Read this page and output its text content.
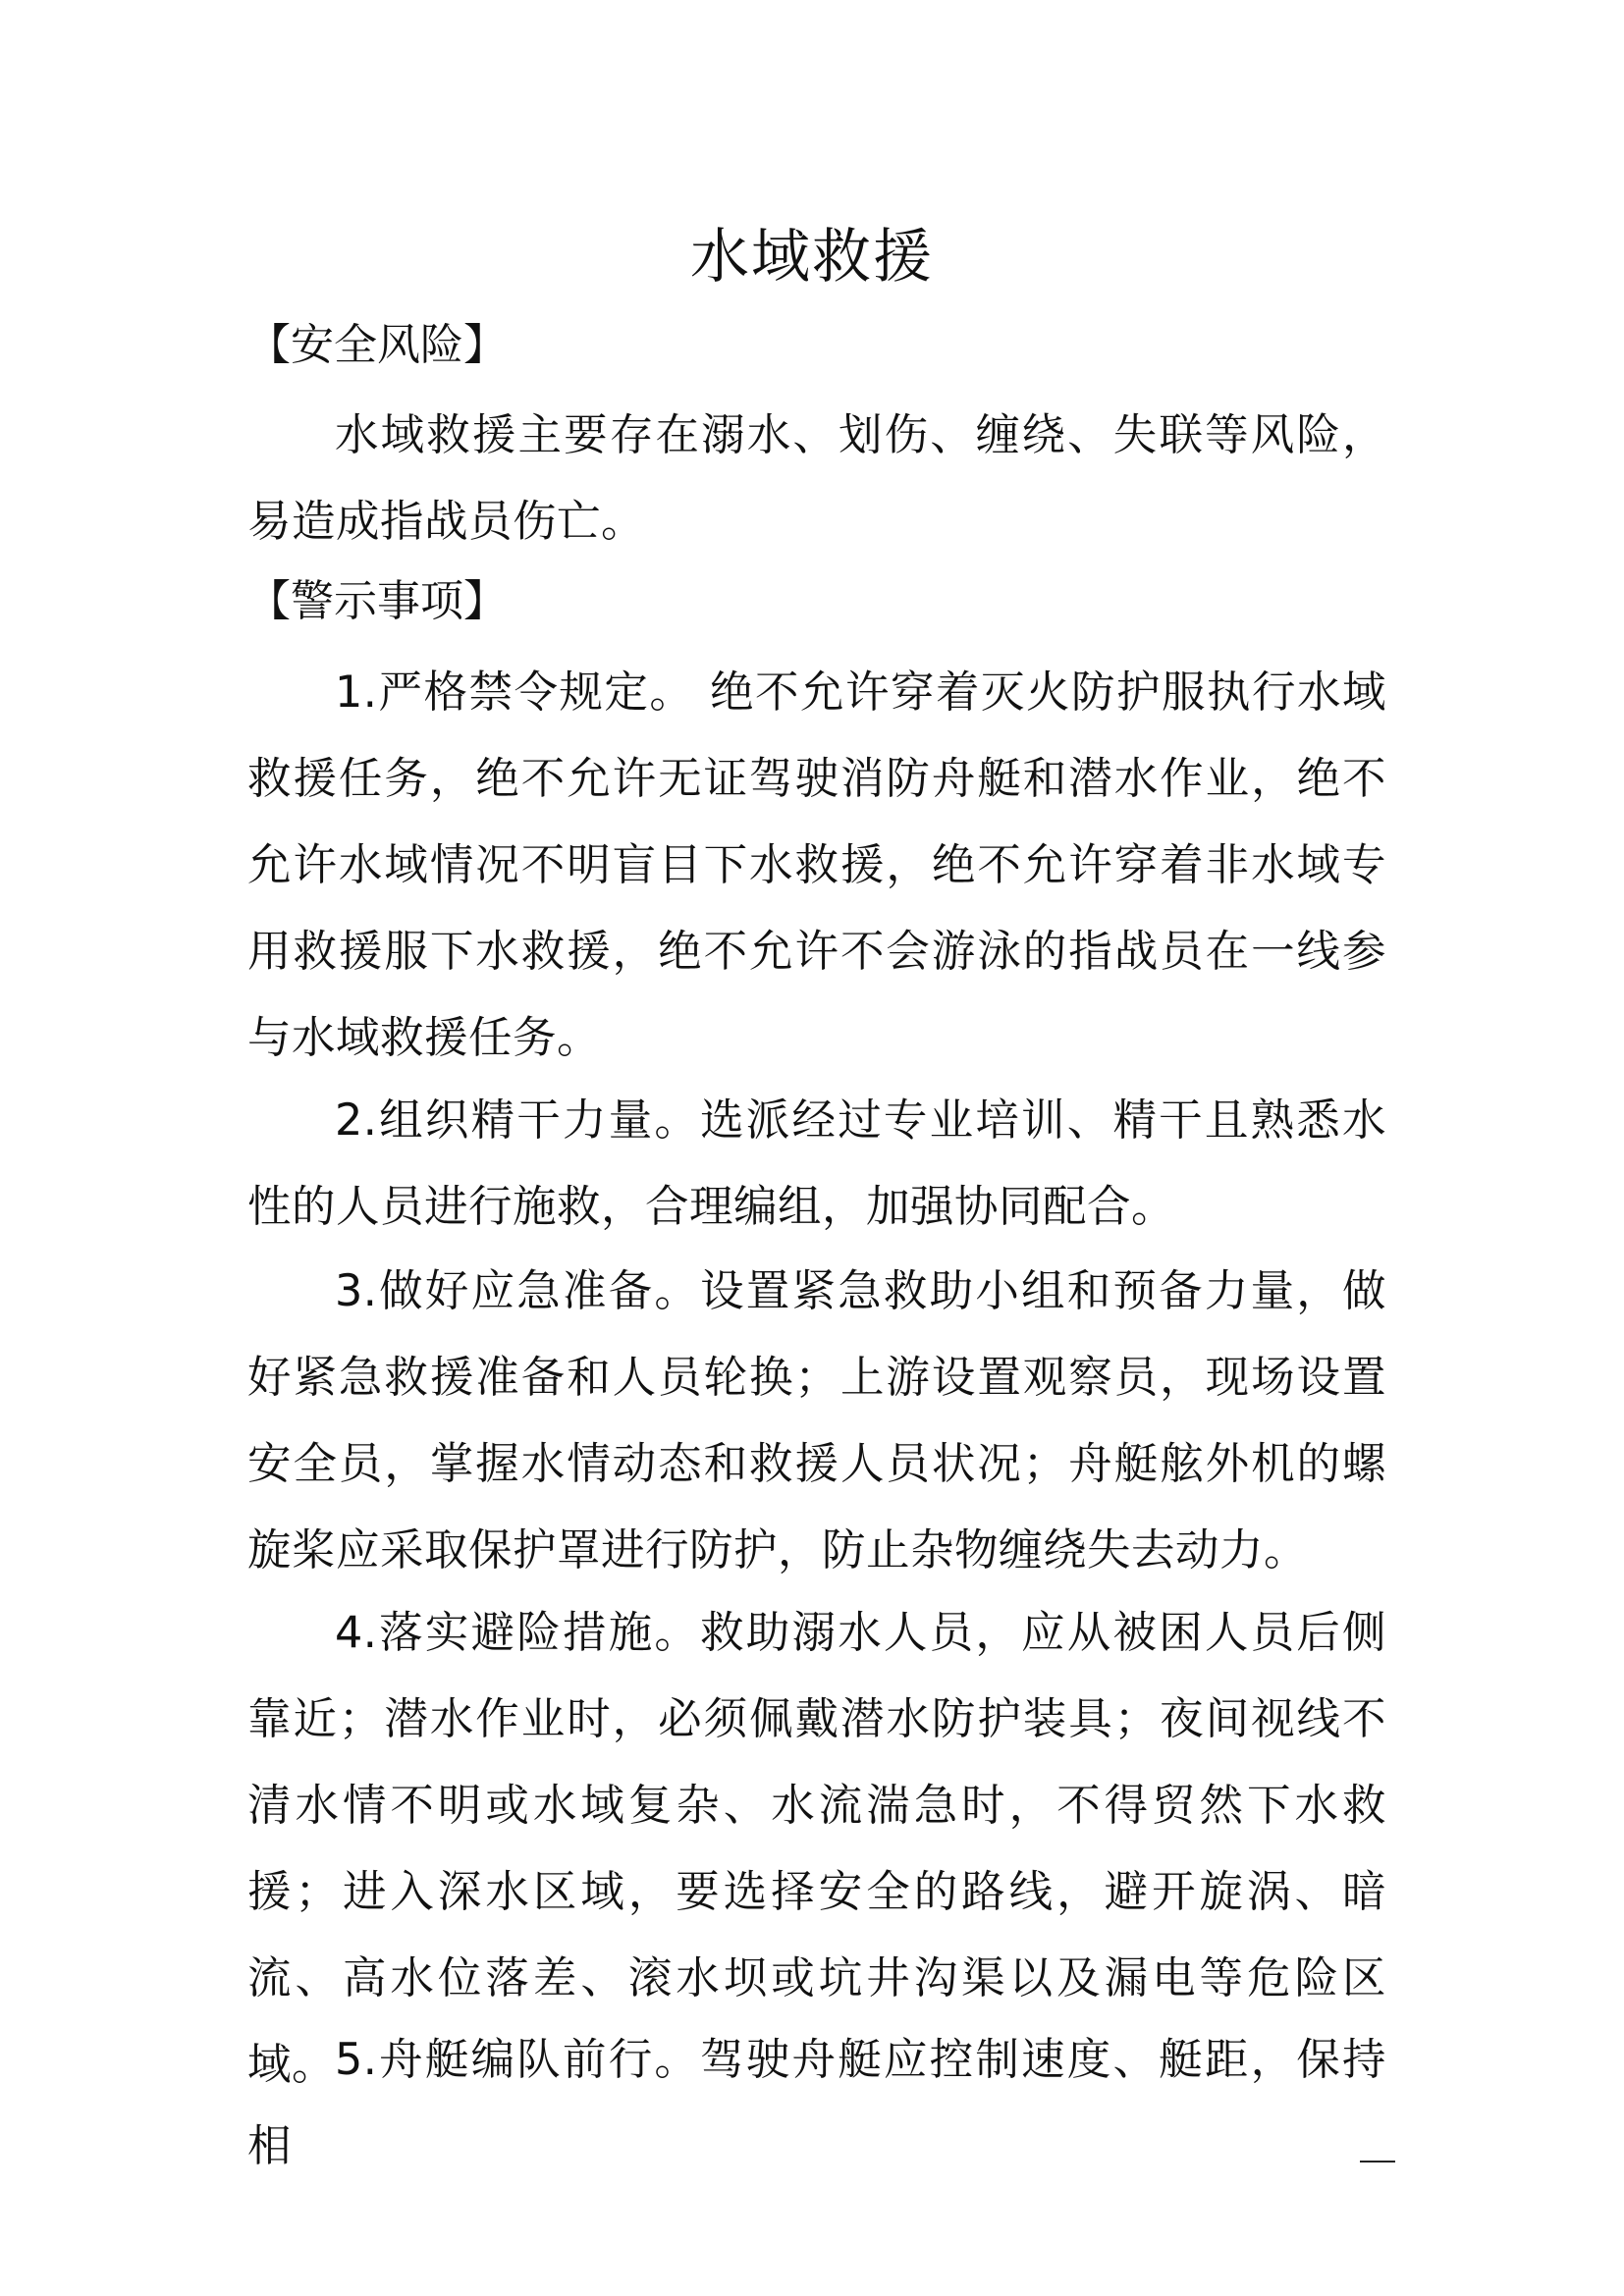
水域救援
【安全风险】

水域救援主要存在溺水、划伤、缠绕、失联等风险，易造成指战员伤亡。

【警示事项】

1.严格禁令规定。 绝不允许穿着灭火防护服执行水域救援任务，绝不允许无证驾驶消防舟艇和潜水作业，绝不允许水域情况不明盲目下水救援，绝不允许穿着非水域专用救援服下水救援，绝不允许不会游泳的指战员在一线参与水域救援任务。

2.组织精干力量。选派经过专业培训、精干且熟悉水性的人员进行施救，合理编组，加强协同配合。

3.做好应急准备。设置紧急救助小组和预备力量，做好紧急救援准备和人员轮换；上游设置观察员，现场设置安全员，掌握水情动态和救援人员状况；舟艇舷外机的螺旋桨应采取保护罩进行防护，防止杂物缠绕失去动力。

4.落实避险措施。救助溺水人员，应从被困人员后侧靠近；潜水作业时，必须佩戴潜水防护装具；夜间视线不清水情不明或水域复杂、水流湍急时，不得贸然下水救援；进入深水区域，要选择安全的路线，避开旋涡、暗流、高水位落差、滚水坝或坑井沟渠以及漏电等危险区域。

5.舟艇编队前行。驾驶舟艇应控制速度、艇距，保持相
